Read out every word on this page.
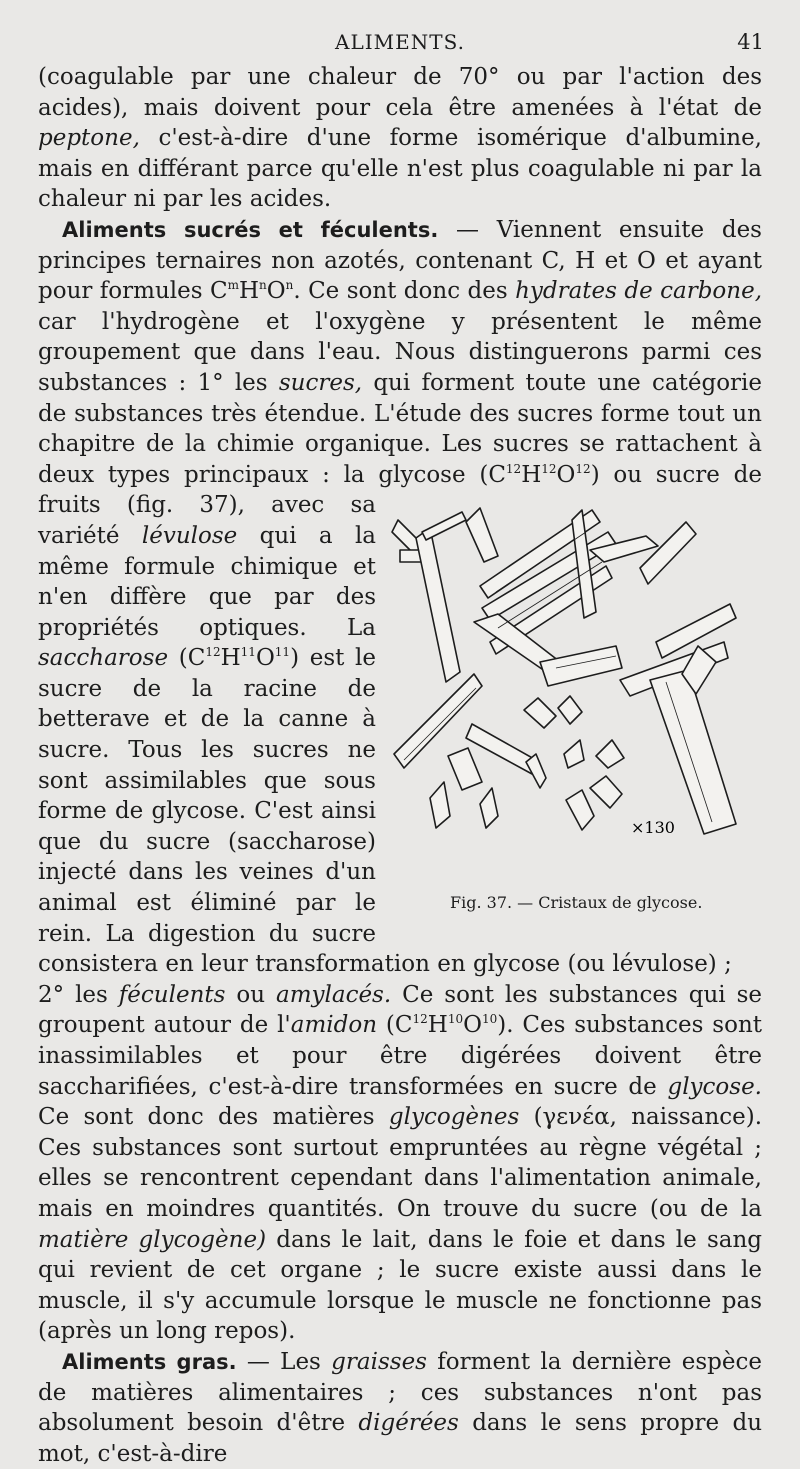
ALIMENTS.	41

(coagulable par une chaleur de 70° ou par l'action des acides), mais doivent pour cela être amenées à l'état de peptone, c'est-à-dire d'une forme isomérique d'albumine, mais en différant parce qu'elle n'est plus coagulable ni par la chaleur ni par les acides.

Aliments sucrés et féculents. — Viennent ensuite des principes ternaires non azotés, contenant C, H et O et ayant pour formules $C^mH^nO^n$. Ce sont donc des hydrates de carbone, car l'hydrogène et l'oxygène y présentent le même groupement que dans l'eau. Nous distinguerons parmi ces substances : 1° les sucres, qui forment toute une catégorie de substances très étendue. L'étude des sucres forme tout un chapitre de la chimie organique. Les sucres se rattachent à deux types principaux : la glycose ($C^{12}H^{12}O^{12}$
×130
Fig. 37. — Cristaux de glycose.
) ou sucre de fruits (fig. 37), avec sa variété lévulose qui a la même formule chimique et n'en diffère que par des propriétés optiques. La saccharose $(C^{12}H^{11}O^{11})$ est le sucre de la racine de betterave et de la canne à sucre. Tous les sucres ne sont assimilables que sous forme de glycose. C'est ainsi que du sucre (saccharose) injecté dans les veines d'un animal est éliminé par le rein. La digestion du sucre consistera en leur transformation en glycose (ou lévulose) ;

2° les féculents ou amylacés. Ce sont les substances qui se groupent autour de l'amidon $(C^{12}H^{10}O^{10})$. Ces substances sont inassimilables et pour être digérées doivent être saccharifiées, c'est-à-dire transformées en sucre de glycose. Ce sont donc des matières glycogènes (γενέα, naissance). Ces substances sont surtout empruntées au règne végétal ; elles se rencontrent cependant dans l'alimentation animale, mais en moindres quantités. On trouve du sucre (ou de la matière glycogène) dans le lait, dans le foie et dans le sang qui revient de cet organe ; le sucre existe aussi dans le muscle, il s'y accumule lorsque le muscle ne fonctionne pas (après un long repos).

Aliments gras. — Les graisses forment la dernière espèce de matières alimentaires ; ces substances n'ont pas absolument besoin d'être digérées dans le sens propre du mot, c'est-à-dire
